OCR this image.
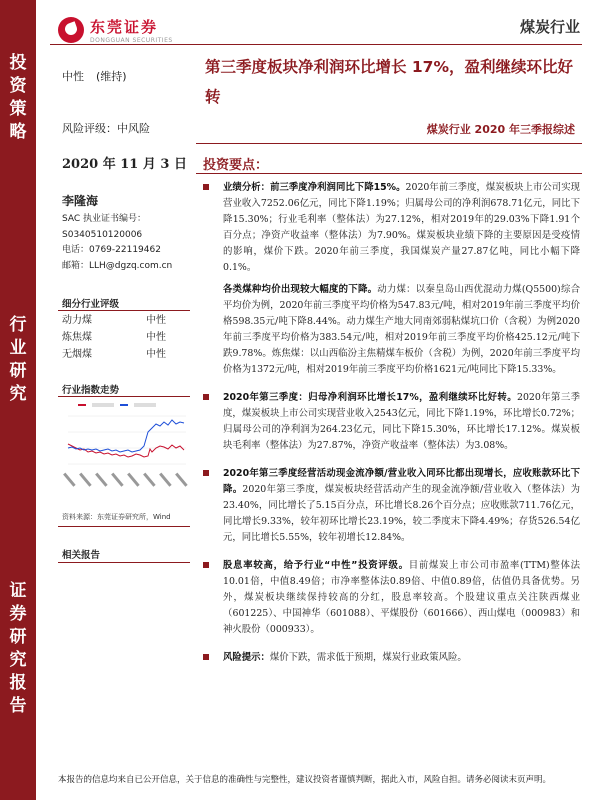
投资策略
行业研究
证券研究报告
东莞证券
DONGGUAN SECURITIES
煤炭行业
中性 (维持)
风险评级：中风险
2020 年 11 月 3 日
第三季度板块净利润环比增长 17%，盈利继续环比好转
煤炭行业 2020 年三季报综述
投资要点：
李隆海
SAC 执业证书编号：
S0340510120006
电话：0769-22119462
邮箱：LLH@dgzq.com.cn
细分行业评级
动力煤	中性
炼焦煤	中性
无烟煤	中性
行业指数走势
资料来源：东莞证券研究所，Wind
相关报告

业绩分析：前三季度净利润同比下降15%。2020年前三季度，煤炭板块上市公司实现营业收入7252.06亿元，同比下降1.19%；归属母公司的净利润678.71亿元，同比下降15.30%；行业毛利率（整体法）为27.12%，相对2019年的29.03%下降1.91个百分点；净资产收益率（整体法）为7.90%。煤炭板块业绩下降的主要原因是受疫情的影响，煤价下跌。2020年前三季度，我国煤炭产量27.87亿吨，同比小幅下降0.1%。

各类煤种均价出现较大幅度的下降。动力煤：以秦皇岛山西优混动力煤(Q5500)综合平均价为例，2020年前三季度平均价格为547.83元/吨，相对2019年前三季度平均价格598.35元/吨下降8.44%。动力煤生产地大同南郊弱粘煤坑口价（含税）为例2020年前三季度平均价格为383.54元/吨，相对2019年前三季度平均价格425.12元/吨下跌9.78%。炼焦煤：以山西临汾主焦精煤车板价（含税）为例，2020年前三季度平均价格为1372元/吨，相对2019年前三季度平均价格1621元/吨同比下降15.33%。

2020年第三季度：归母净利润环比增长17%，盈利继续环比好转。2020年第三季度，煤炭板块上市公司实现营业收入2543亿元，同比下降1.19%，环比增长0.72%；归属母公司的净利润为264.23亿元，同比下降15.30%，环比增长17.12%。煤炭板块毛利率（整体法）为27.87%，净资产收益率（整体法）为3.08%。

2020年第三季度经营活动现金流净额/营业收入同环比都出现增长，应收账款环比下降。2020年第三季度，煤炭板块经营活动产生的现金流净额/营业收入（整体法）为23.40%，同比增长了5.15百分点，环比增长8.26个百分点；应收账款711.76亿元，同比增长9.33%，较年初环比增长23.19%，较二季度末下降4.49%；存货526.54亿元，同比增长5.55%，较年初增长12.84%。

股息率较高，给予行业“中性”投资评级。目前煤炭上市公司市盈率(TTM)整体法10.01倍，中值8.49倍；市净率整体法0.89倍、中值0.89倍，估值仍具备优势。另外，煤炭板块继续保持较高的分红，股息率较高。个股建议重点关注陕西煤业（601225）、中国神华（601088）、平煤股份（601666）、西山煤电（000983）和神火股份（000933）。

风险提示：煤价下跌，需求低于预期，煤炭行业政策风险。

本报告的信息均来自已公开信息，关于信息的准确性与完整性，建议投资者谨慎判断，据此入市，风险自担。请务必阅读末页声明。
